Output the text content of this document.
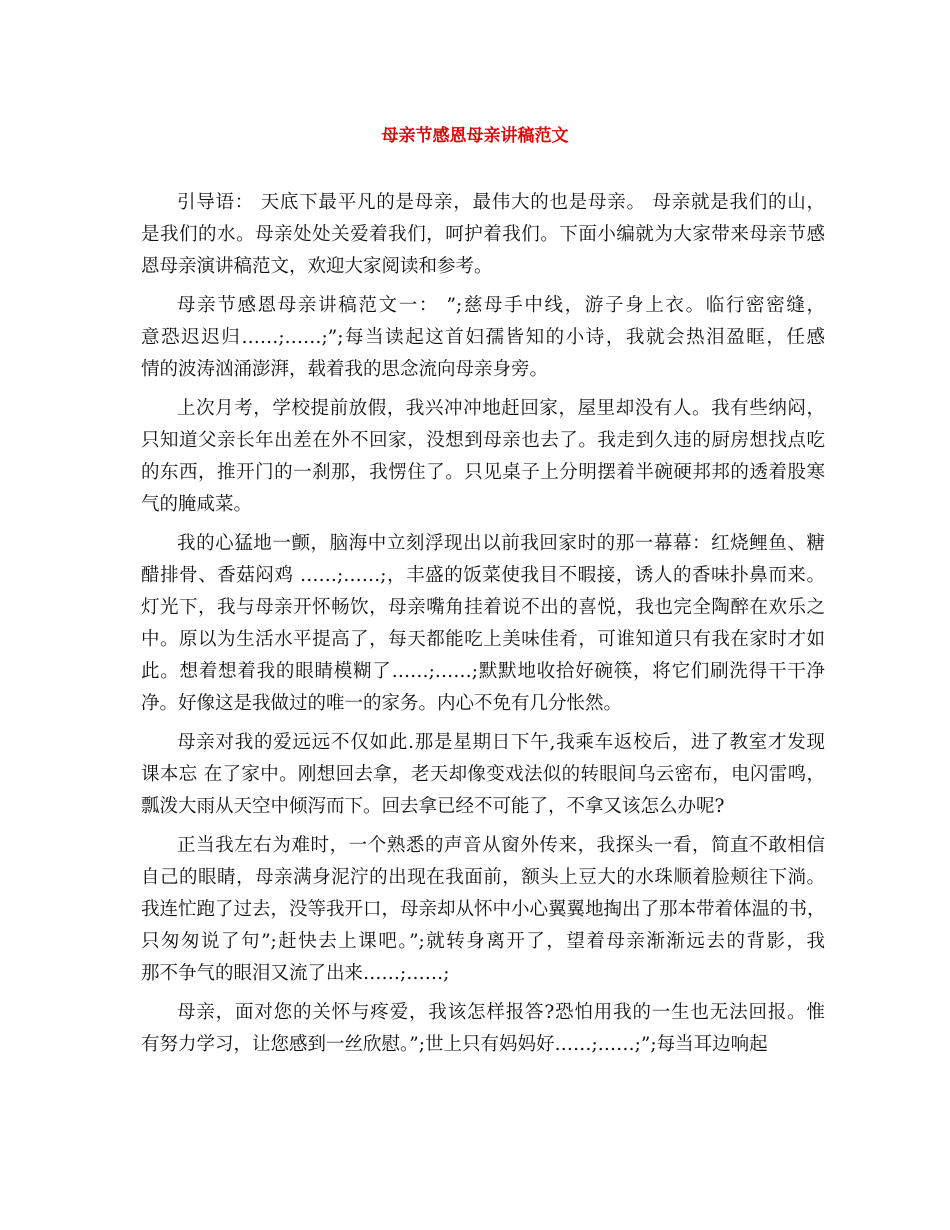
母亲节感恩母亲讲稿范文
引导语： 天底下最平凡的是母亲，最伟大的也是母亲。 母亲就是我们的山，
是我们的水。母亲处处关爱着我们，呵护着我们。下面小编就为大家带来母亲节感
恩母亲演讲稿范文，欢迎大家阅读和参考。
母亲节感恩母亲讲稿范文一： ”;慈母手中线，游子身上衣。临行密密缝，
意恐迟迟归……;……;”;每当读起这首妇孺皆知的小诗，我就会热泪盈眶，任感
情的波涛汹涌澎湃，载着我的思念流向母亲身旁。
上次月考，学校提前放假，我兴冲冲地赶回家，屋里却没有人。我有些纳闷，
只知道父亲长年出差在外不回家，没想到母亲也去了。我走到久违的厨房想找点吃
的东西，推开门的一刹那，我愣住了。只见桌子上分明摆着半碗硬邦邦的透着股寒
气的腌咸菜。
我的心猛地一颤，脑海中立刻浮现出以前我回家时的那一幕幕：红烧鲤鱼、糖
醋排骨、香菇闷鸡 ……;……;，丰盛的饭菜使我目不暇接，诱人的香味扑鼻而来。
灯光下，我与母亲开怀畅饮，母亲嘴角挂着说不出的喜悦，我也完全陶醉在欢乐之
中。原以为生活水平提高了，每天都能吃上美味佳肴，可谁知道只有我在家时才如
此。想着想着我的眼睛模糊了……;……;默默地收拾好碗筷，将它们刷洗得干干净
净。好像这是我做过的唯一的家务。内心不免有几分怅然。
母亲对我的爱远远不仅如此.那是星期日下午,我乘车返校后，进了教室才发现
课本忘 在了家中。刚想回去拿，老天却像变戏法似的转眼间乌云密布，电闪雷鸣，
瓢泼大雨从天空中倾泻而下。回去拿已经不可能了，不拿又该怎么办呢?
正当我左右为难时，一个熟悉的声音从窗外传来，我探头一看，简直不敢相信
自己的眼睛，母亲满身泥泞的出现在我面前，额头上豆大的水珠顺着脸颊往下淌。
我连忙跑了过去，没等我开口，母亲却从怀中小心翼翼地掏出了那本带着体温的书，
只匆匆说了句”;赶快去上课吧。”;就转身离开了，望着母亲渐渐远去的背影，我
那不争气的眼泪又流了出来……;……;
母亲，面对您的关怀与疼爱，我该怎样报答?恐怕用我的一生也无法回报。惟
有努力学习，让您感到一丝欣慰。”;世上只有妈妈好……;……;”;每当耳边响起
